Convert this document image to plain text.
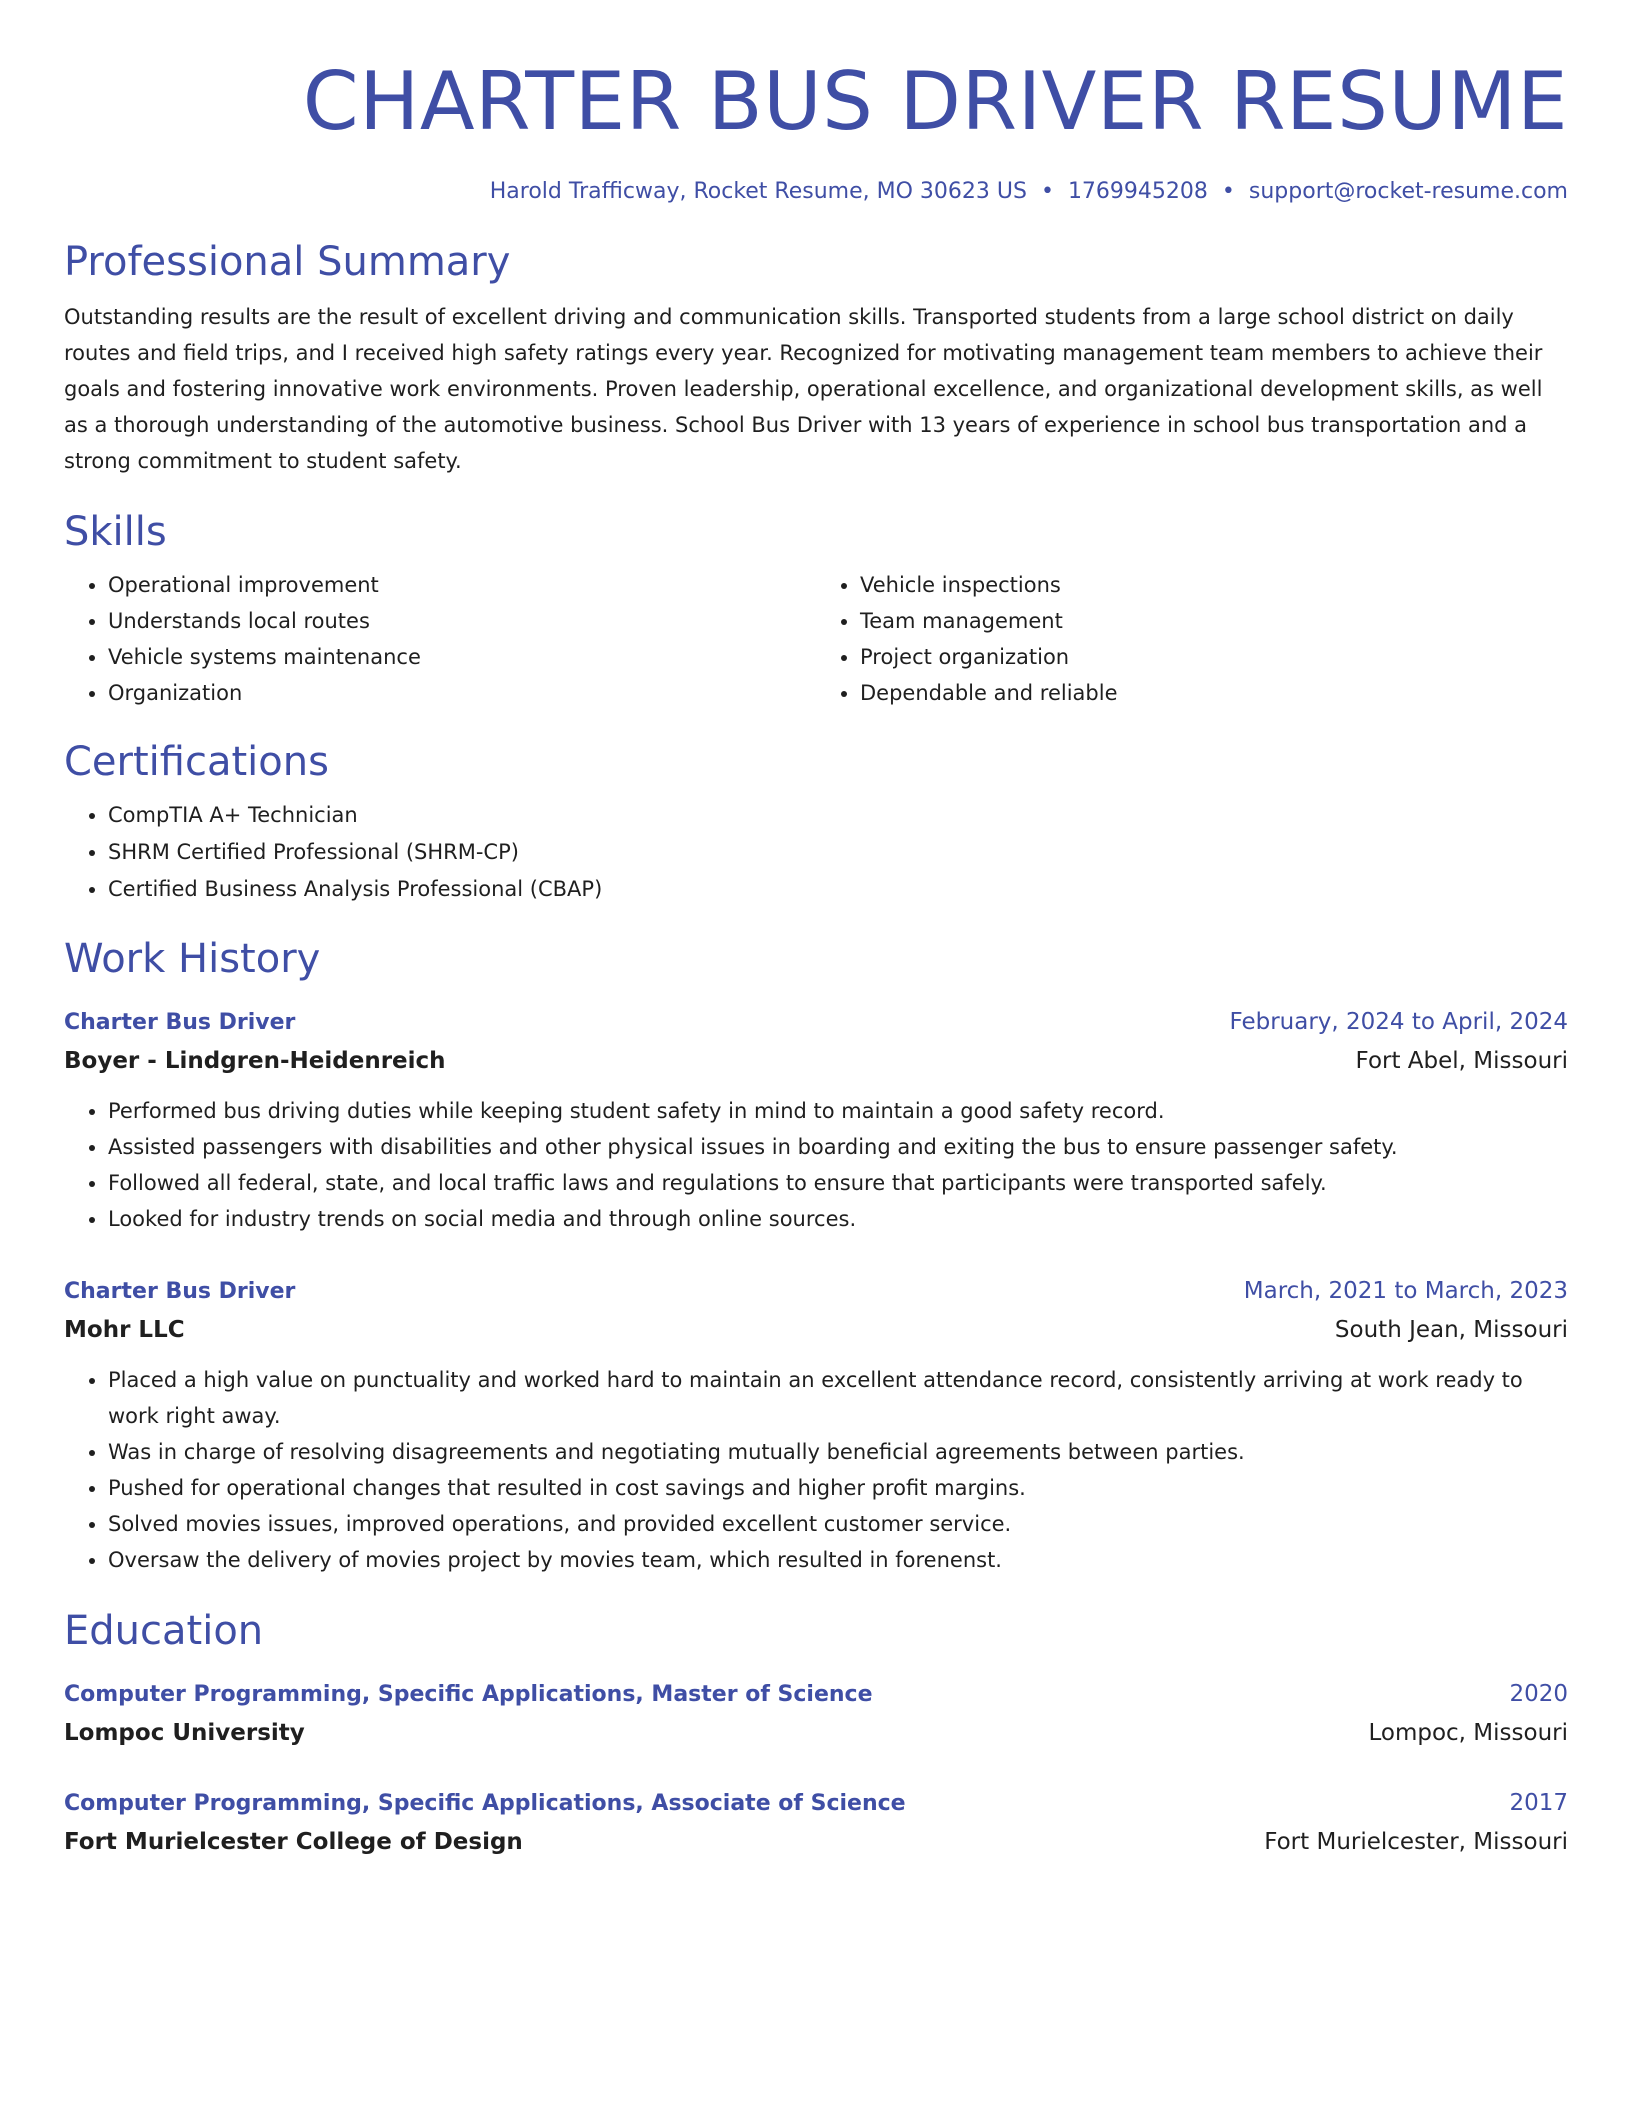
CHARTER BUS DRIVER RESUME
Harold Trafficway, Rocket Resume, MO 30623 US • 1769945208 • support@rocket-resume.com
Professional Summary

Outstanding results are the result of excellent driving and communication skills. Transported students from a large school district on daily routes and field trips, and I received high safety ratings every year. Recognized for motivating management team members to achieve their goals and fostering innovative work environments. Proven leadership, operational excellence, and organizational development skills, as well as a thorough understanding of the automotive business. School Bus Driver with 13 years of experience in school bus transportation and a strong commitment to student safety.

Skills
• Operational improvement
• Understands local routes
• Vehicle systems maintenance
• Organization
• Vehicle inspections
• Team management
• Project organization
• Dependable and reliable
Certifications
• CompTIA A+ Technician
• SHRM Certified Professional (SHRM-CP)
• Certified Business Analysis Professional (CBAP)
Work History
Charter Bus Driver	February, 2024 to April, 2024
Boyer - Lindgren-Heidenreich	Fort Abel, Missouri
• Performed bus driving duties while keeping student safety in mind to maintain a good safety record.
• Assisted passengers with disabilities and other physical issues in boarding and exiting the bus to ensure passenger safety.
• Followed all federal, state, and local traffic laws and regulations to ensure that participants were transported safely.
• Looked for industry trends on social media and through online sources.
Charter Bus Driver	March, 2021 to March, 2023
Mohr LLC	South Jean, Missouri
• Placed a high value on punctuality and worked hard to maintain an excellent attendance record, consistently arriving at work ready to work right away.
• Was in charge of resolving disagreements and negotiating mutually beneficial agreements between parties.
• Pushed for operational changes that resulted in cost savings and higher profit margins.
• Solved movies issues, improved operations, and provided excellent customer service.
• Oversaw the delivery of movies project by movies team, which resulted in forenenst.
Education
Computer Programming, Specific Applications, Master of Science	2020
Lompoc University	Lompoc, Missouri
Computer Programming, Specific Applications, Associate of Science	2017
Fort Murielcester College of Design	Fort Murielcester, Missouri
